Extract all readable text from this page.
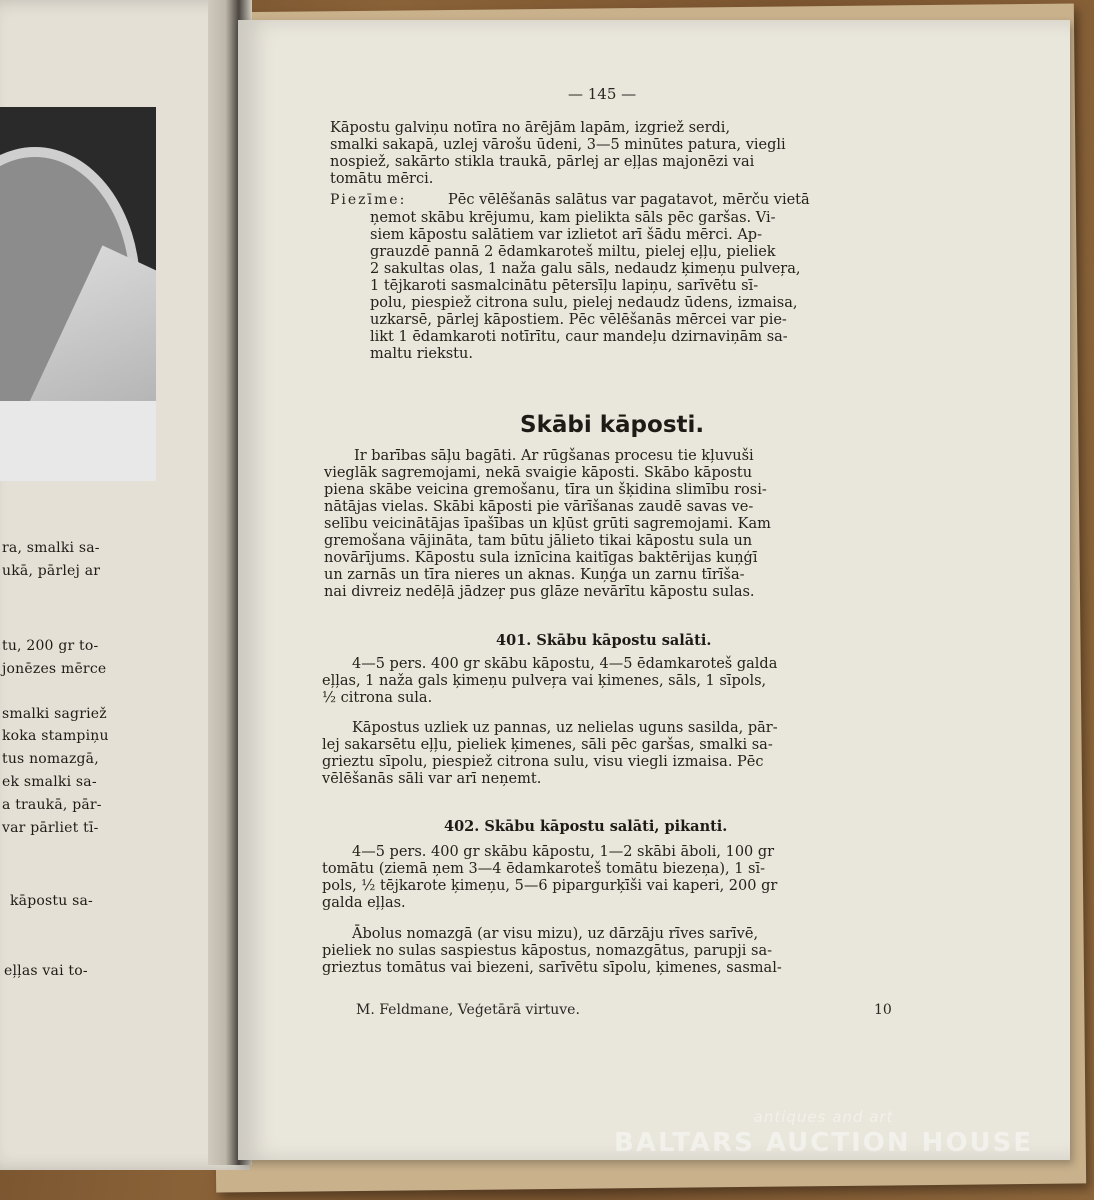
ra, smalki sa-
ukā, pārlej ar
tu, 200 gr to-
jonēzes mērce
smalki sagriež
koka stampiņu
tus nomazgā,
ek smalki sa-
a traukā, pār-
var pārliet tī-
kāpostu sa-
eļļas vai to-
— 145 —
Kāpostu galviņu notīra no ārējām lapām, izgriež serdi,
smalki sakapā, uzlej vārošu ūdeni, 3—5 minūtes patura, viegli
nospiež, sakārto stikla traukā, pārlej ar eļļas majonēzi vai
tomātu mērci.
Piezīme:	Pēc vēlēšanās salātus var pagatavot, mērču vietā
ņemot skābu krējumu, kam pielikta sāls pēc garšas. Vi-
siem kāpostu salātiem var izlietot arī šādu mērci. Ap-
grauzdē pannā 2 ēdamkaroteš miltu, pielej eļļu, pieliek
2 sakultas olas, 1 naža galu sāls, nedaudz ķimeņu pulveŗa,
1 tējkaroti sasmalcinātu pētersīļu lapiņu, sarīvētu sī-
polu, piespiež citrona sulu, pielej nedaudz ūdens, izmaisa,
uzkarsē, pārlej kāpostiem. Pēc vēlēšanās mērcei var pie-
likt 1 ēdamkaroti notīrītu, caur mandeļu dzirnaviņām sa-
maltu riekstu.
Skābi kāposti.
Ir barības sāļu bagāti. Ar rūgšanas procesu tie kļuvuši
vieglāk sagremojami, nekā svaigie kāposti. Skābo kāpostu
piena skābe veicina gremošanu, tīra un šķidina slimību rosi-
nātājas vielas. Skābi kāposti pie vārīšanas zaudē savas ve-
selību veicinātājas īpašības un kļūst grūti sagremojami. Kam
gremošana vājināta, tam būtu jālieto tikai kāpostu sula un
novārījums. Kāpostu sula iznīcina kaitīgas baktērijas kuņģī
un zarnās un tīra nieres un aknas. Kuņģa un zarnu tīrīša-
nai divreiz nedēļā jādzeŗ pus glāze nevārītu kāpostu sulas.
401. Skābu kāpostu salāti.
4—5 pers. 400 gr skābu kāpostu, 4—5 ēdamkaroteš galda
eļļas, 1 naža gals ķimeņu pulveŗa vai ķimenes, sāls, 1 sīpols,
½ citrona sula.
Kāpostus uzliek uz pannas, uz nelielas uguns sasilda, pār-
lej sakarsētu eļļu, pieliek ķimenes, sāli pēc garšas, smalki sa-
grieztu sīpolu, piespiež citrona sulu, visu viegli izmaisa. Pēc
vēlēšanās sāli var arī neņemt.
402. Skābu kāpostu salāti, pikanti.
4—5 pers. 400 gr skābu kāpostu, 1—2 skābi āboli, 100 gr
tomātu (ziemā ņem 3—4 ēdamkaroteš tomātu biezeņa), 1 sī-
pols, ½ tējkarote ķimeņu, 5—6 pipargurķīši vai kaperi, 200 gr
galda eļļas.
Ābolus nomazgā (ar visu mizu), uz dārzāju rīves sarīvē,
pieliek no sulas saspiestus kāpostus, nomazgātus, parupji sa-
grieztus tomātus vai biezeni, sarīvētu sīpolu, ķimenes, sasmal-
M. Feldmane, Veģetārā virtuve.	10
antiques and art
BALTARS AUCTION HOUSE
